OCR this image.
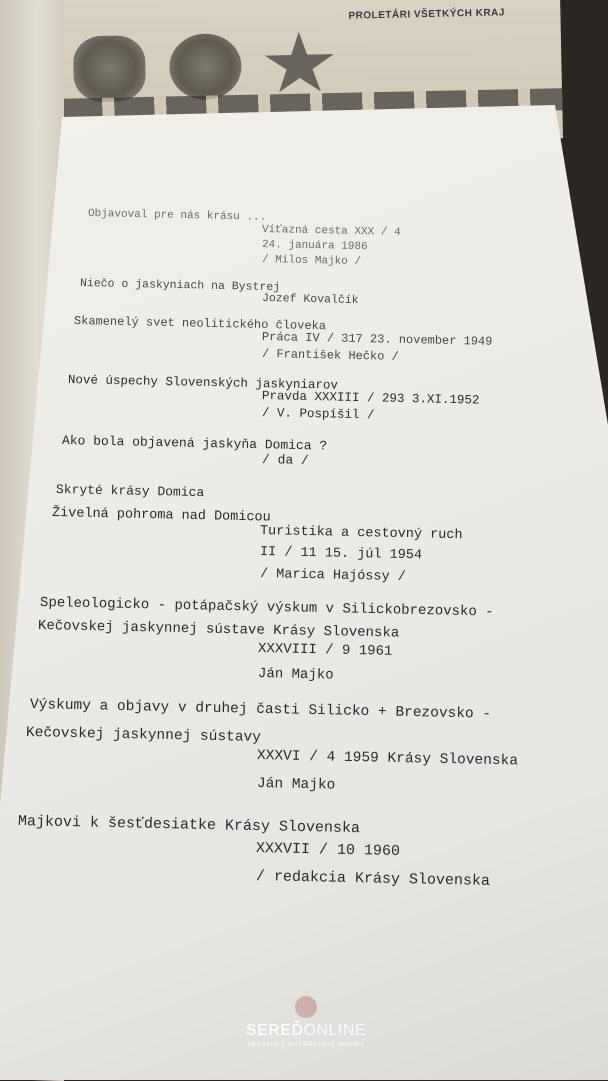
PROLETÁRI VŠETKÝCH KRAJ
Objavoval pre nás krásu ...
Víťazná cesta XXX / 4
24. januára 1986
/ Milos Majko /
Niečo o jaskyniach na Bystrej
Jozef Kovalčík
Skamenelý svet neolitického človeka
Práca IV / 317 23. november 1949
/ František Hečko /
Nové úspechy Slovenských jaskyniarov
Pravda XXXIII / 293 3.XI.1952
/ V. Pospíšil /
Ako bola objavená jaskyňa Domica ?
/ da /
Skryté krásy Domica
Živelná pohroma nad Domicou
Turistika a cestovný ruch
II / 11 15. júl 1954
/ Marica Hajóssy /
Speleologicko - potápačský výskum v Silickobrezovsko -
Kečovskej jaskynnej sústave Krásy Slovenska
XXXVIII / 9 1961
Ján Majko
Výskumy a objavy v druhej časti Silicko + Brezovsko -
Kečovskej jaskynnej sústavy
XXXVI / 4 1959 Krásy Slovenska
Ján Majko
Majkovi k šesťdesiatke Krásy Slovenska
XXXVII / 10 1960
/ redakcia Krásy Slovenska
SEREĎONLINE
NEZÁVISLÉ INTERNETOVÉ NOVINY
